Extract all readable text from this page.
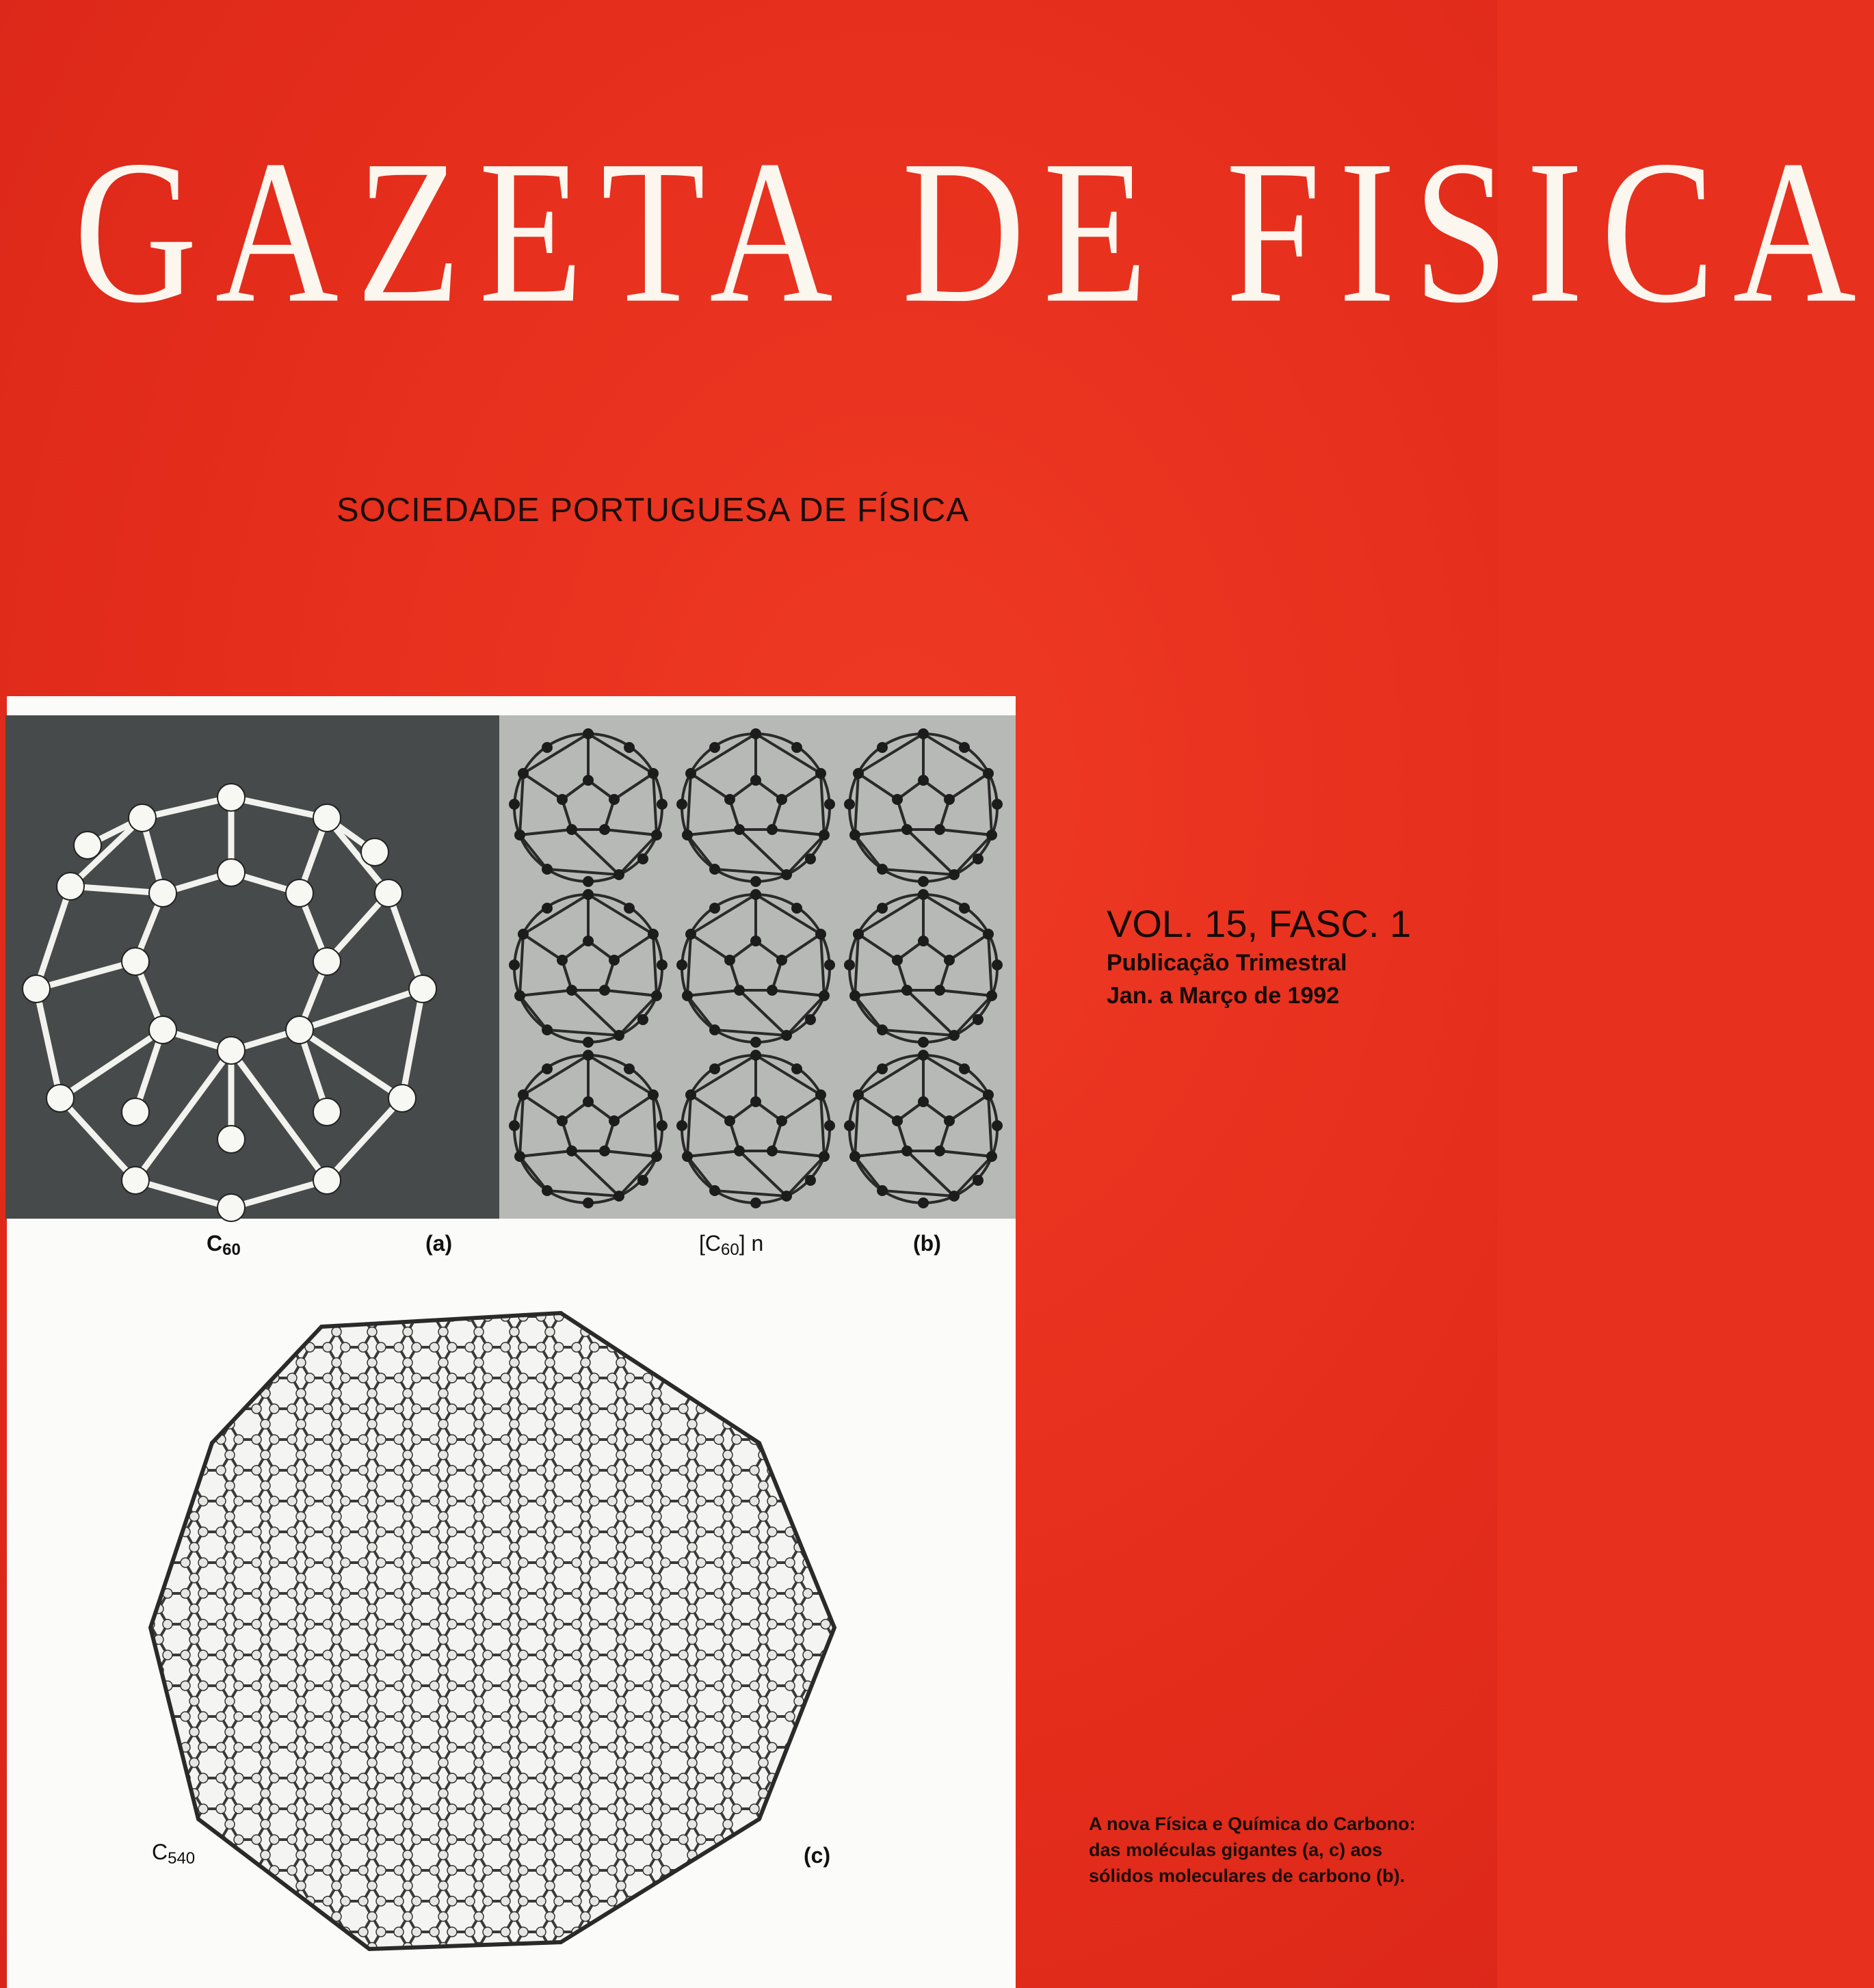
GAZETA DE FISICA
SOCIEDADE PORTUGUESA DE FÍSICA
$C_{60}$	(a)	$[C_{60}]$ n	(b)
$C_{540}$	(c)
VOL. 15, FASC. 1
Publicação Trimestral
Jan. a Março de 1992
A nova Física e Química do Carbono:
das moléculas gigantes (a, c) aos
sólidos moleculares de carbono (b).
